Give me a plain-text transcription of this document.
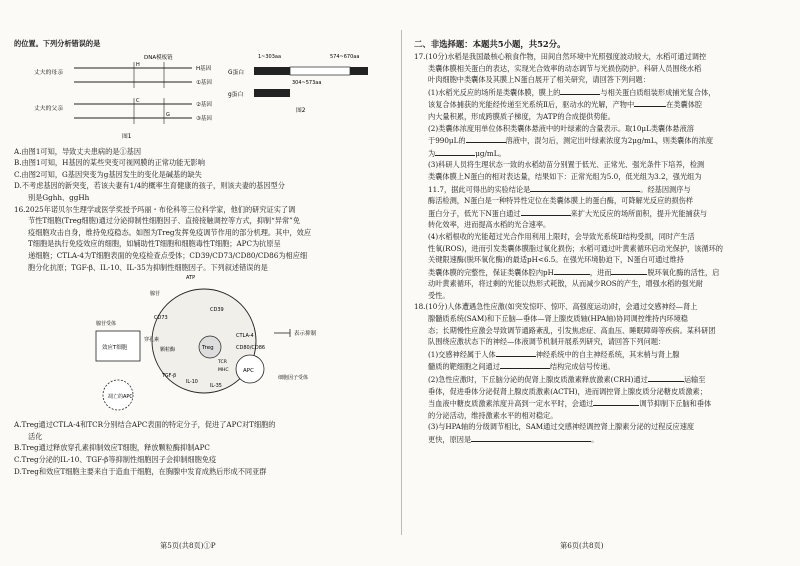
的位置。下列分析错误的是
DNA模板链
丈夫的母亲
H
H基因
①基因
丈夫的父亲
C
G
②基因
③基因
图1
1~303aa	574~670aa
G蛋白
304~573aa
g蛋白
图2
A.由图1可知，导致丈夫患病的是①基因
B.由图1可知，H基因的某些突变可视网膜的正常功能无影响
C.由图2可知，G基因突变为g基因发生的变化是碱基的缺失
D.不考虑基因的新突变，若该夫妻有1/4的概率生育健康的孩子，则该夫妻的基因型分
别是Gghh、ggHh
16.2025年诺贝尔生理学或医学奖授予玛丽・布伦科等三位科学家，他们的研究证实了调
节性T细胞(Treg细胞)通过分泌抑制性细胞因子、直接接触调控等方式，抑制“异常”免
疫细胞攻击自身，维持免疫稳态。如图为Treg发挥免疫调节作用的部分机理。其中，效应
T细胞是执行免疫效应的细胞，如辅助性T细胞和细胞毒性T细胞；APC为抗原呈
递细胞；CTLA-4为T细胞表面的免疫检查点受体；CD39/CD73/CD80/CD86为相应细
胞分化抗原；TGF-β、IL-10、IL-35为抑制性细胞因子。下列叙述错误的是
Treg
ATP
腺苷
CD39
CD73
穿孔素
颗粒酶
TCR
MHC
CTLA-4
CD80/CD86
IL-10
TGF-β
IL-35
腺苷受体
效应T细胞
APC
细胞因子受体
表示抑制
凋亡的APC
A.Treg通过CTLA-4和TCR分别结合APC表面的特定分子，促进了APC对T细胞的
活化
B.Treg通过释放穿孔素抑制效应T细胞，释放颗粒酶抑制APC
C.Treg分泌的IL-10、TGF-β等抑制性细胞因子会抑制细胞免疫
D.Treg和效应T细胞主要来自于造血干细胞，在胸腺中发育成熟后形成不同亚群
二、非选择题：本题共5小题，共52分。
17.(10分)水稻是我国最核心粮食作物，田间自然环境中光照强度波动较大，水稻可通过调控
类囊体膜相关蛋白的表达，实现光合效率的动态调节与光损伤防护。科研人员围绕水稻
叶肉细胞中类囊体及其膜上N蛋白展开了相关研究，请回答下列问题：
(1)水稻光反应的场所是类囊体膜，膜上的	与相关蛋白质组装形成捕光复合体，
该复合体捕获的光能经传递至光系统Ⅱ后，驱动水的光解，产物中	在类囊体腔
内大量积累，形成跨膜质子梯度，为ATP的合成提供势能。
(2)类囊体浓度用单位体积类囊体悬液中的叶绿素的含量表示。取10μL类囊体悬液溶
于990μL的	溶液中，混匀后，测定出叶绿素浓度为2μg/mL，则类囊体的浓度
为	μg/mL。
(3)科研人员将生理状态一致的水稻幼苗分别置于低光、正常光、强光条件下培养，检测
类囊体膜上N蛋白的相对表达量，结果如下：正常光组为5.0，低光组为3.2，强光组为
11.7，据此可得出的实验结论是	。经基因测序与
酶活检测，N蛋白是一种特异性定位在类囊体膜上的蛋白酶，可降解光反应的损伤样
蛋白分子，低光下N蛋白通过	来扩大光反应的场所面积，提升光能捕获与
转化效率，进而提高水稻的光合速率。
(4)水稻根收的光能超过光合作用利用上限时，会导致光系统Ⅱ结构受损，同时产生活
性氧(ROS)，进而引发类囊体膜脂过氧化损伤；水稻可通过叶黄素循环启动光保护，该循环的
关键限速酶(脱环氧化酶)的最适pH<6.5。在强光环境胁迫下，N蛋白可通过维持
类囊体膜的完整性，保证类囊体腔内pH	，进而	脱环氧化酶的活性，启
动叶黄素循环，将过剩的光能以热形式耗散，从而减少ROS的产生，增强水稻的强光耐
受性。
18.(10分)人体遭遇急性应激(如突发惊吓、惊吓、高强度运动)时，会通过交感神经—肾上
腺髓质系统(SAM)和下丘脑—垂体—肾上腺皮质轴(HPA轴)协同调控维持内环境稳
态；长期慢性应激会导致调节通路紊乱，引发焦虑症、高血压、睡眠障碍等疾病。某科研团
队围绕应激状态下的神经—体液调节机制开展系列研究，请回答下列问题：
(1)交感神经属于人体	神经系统中的自主神经系统，其末梢与肾上腺
髓质的靶细胞之间通过	结构完成信号传递。
(2)急性应激时，下丘脑分泌的促肾上腺皮质激素释放激素(CRH)通过	运输至
垂体，促进垂体分泌促肾上腺皮质激素(ACTH)，进而调控肾上腺皮质分泌糖皮质激素；
当血液中糖皮质激素浓度升高到一定水平时，会通过	调节抑制下丘脑和垂体
的分泌活动，维持激素水平的相对稳定。
(3)与HPA轴的分级调节相比，SAM通过交感神经调控肾上腺素分泌的过程反应速度
更快，原因是	。
第5页(共8页)①P	第6页(共8页)
